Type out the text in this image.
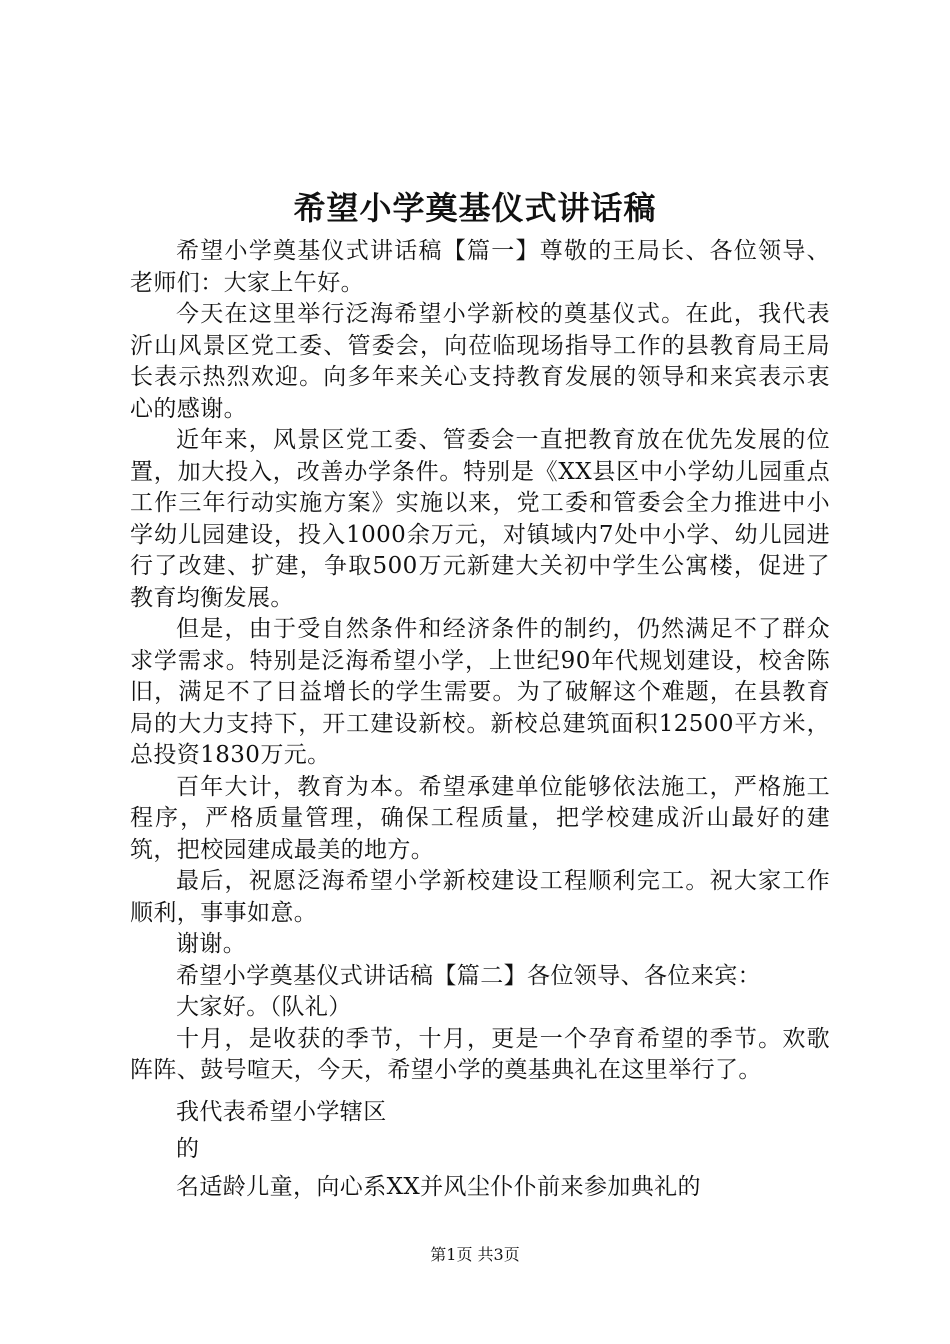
希望小学奠基仪式讲话稿

希望小学奠基仪式讲话稿【篇一】尊敬的王局长、各位领导、老师们：大家上午好。

今天在这里举行泛海希望小学新校的奠基仪式。在此，我代表沂山风景区党工委、管委会，向莅临现场指导工作的县教育局王局长表示热烈欢迎。向多年来关心支持教育发展的领导和来宾表示衷心的感谢。

近年来，风景区党工委、管委会一直把教育放在优先发展的位置，加大投入，改善办学条件。特别是《XX县区中小学幼儿园重点工作三年行动实施方案》实施以来，党工委和管委会全力推进中小学幼儿园建设，投入1000余万元，对镇域内7处中小学、幼儿园进行了改建、扩建，争取500万元新建大关初中学生公寓楼，促进了教育均衡发展。

但是，由于受自然条件和经济条件的制约，仍然满足不了群众求学需求。特别是泛海希望小学，上世纪90年代规划建设，校舍陈旧，满足不了日益增长的学生需要。为了破解这个难题，在县教育局的大力支持下，开工建设新校。新校总建筑面积12500平方米，总投资1830万元。

百年大计，教育为本。希望承建单位能够依法施工，严格施工程序，严格质量管理，确保工程质量，把学校建成沂山最好的建筑，把校园建成最美的地方。

最后，祝愿泛海希望小学新校建设工程顺利完工。祝大家工作顺利，事事如意。

谢谢。

希望小学奠基仪式讲话稿【篇二】各位领导、各位来宾：

大家好。（队礼）

十月，是收获的季节，十月，更是一个孕育希望的季节。欢歌阵阵、鼓号喧天，今天，希望小学的奠基典礼在这里举行了。

我代表希望小学辖区

的

名适龄儿童，向心系XX并风尘仆仆前来参加典礼的

第1页 共3页
